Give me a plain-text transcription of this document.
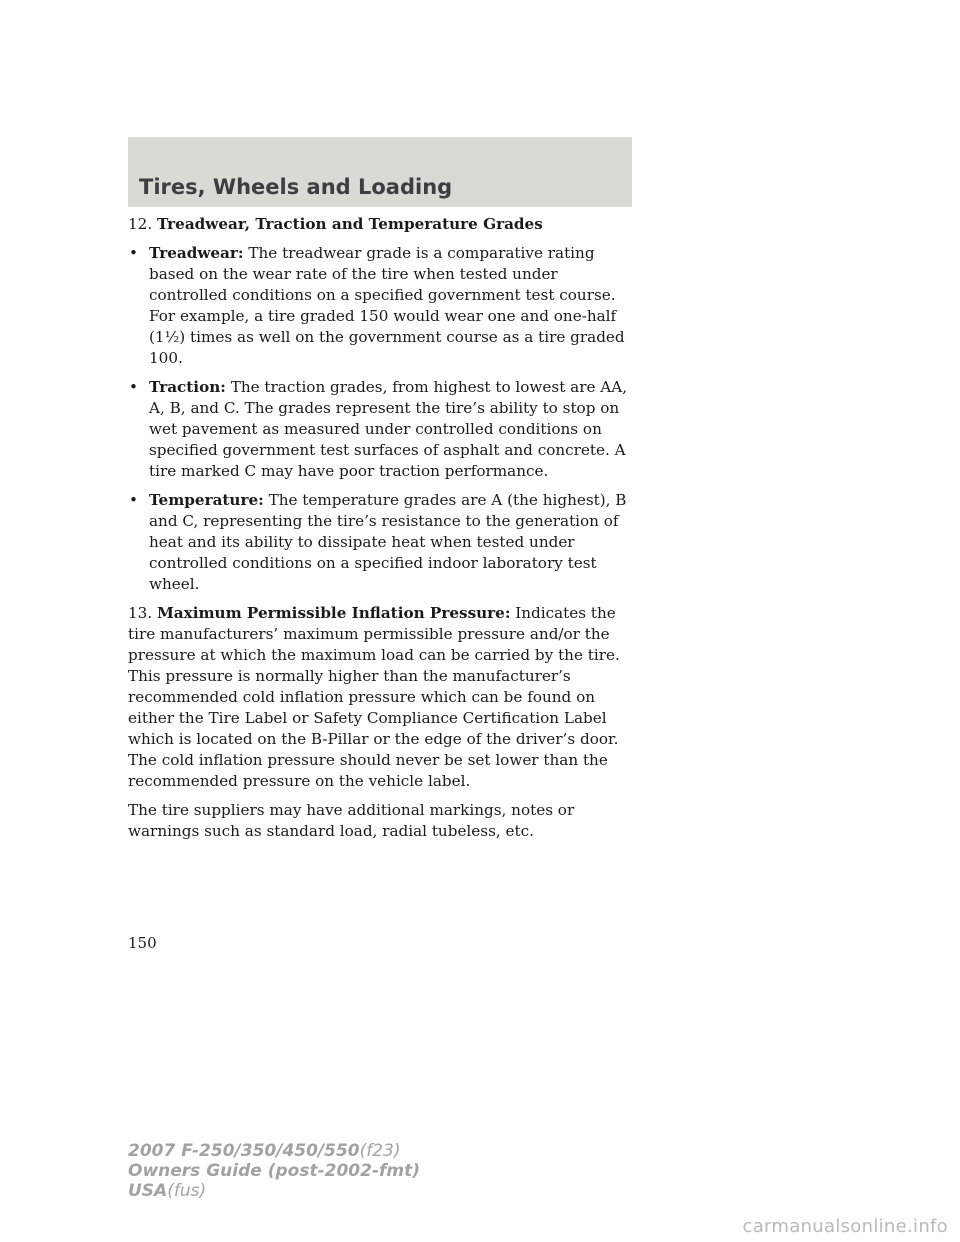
Tires, Wheels and Loading

12. Treadwear, Traction and Temperature Grades

• Treadwear: The treadwear grade is a comparative rating based on the wear rate of the tire when tested under controlled conditions on a specified government test course. For example, a tire graded 150 would wear one and one-half (1½) times as well on the government course as a tire graded 100.
• Traction: The traction grades, from highest to lowest are AA, A, B, and C. The grades represent the tire’s ability to stop on wet pavement as measured under controlled conditions on specified government test surfaces of asphalt and concrete. A tire marked C may have poor traction performance.
• Temperature: The temperature grades are A (the highest), B and C, representing the tire’s resistance to the generation of heat and its ability to dissipate heat when tested under controlled conditions on a specified indoor laboratory test wheel.

13. Maximum Permissible Inflation Pressure: Indicates the tire manufacturers’ maximum permissible pressure and/or the pressure at which the maximum load can be carried by the tire. This pressure is normally higher than the manufacturer’s recommended cold inflation pressure which can be found on either the Tire Label or Safety Compliance Certification Label which is located on the B-Pillar or the edge of the driver’s door. The cold inflation pressure should never be set lower than the recommended pressure on the vehicle label.

The tire suppliers may have additional markings, notes or warnings such as standard load, radial tubeless, etc.

150
2007 F-250/350/450/550(f23)
Owners Guide (post-2002-fmt)
USA(fus)
carmanualsonline.info
